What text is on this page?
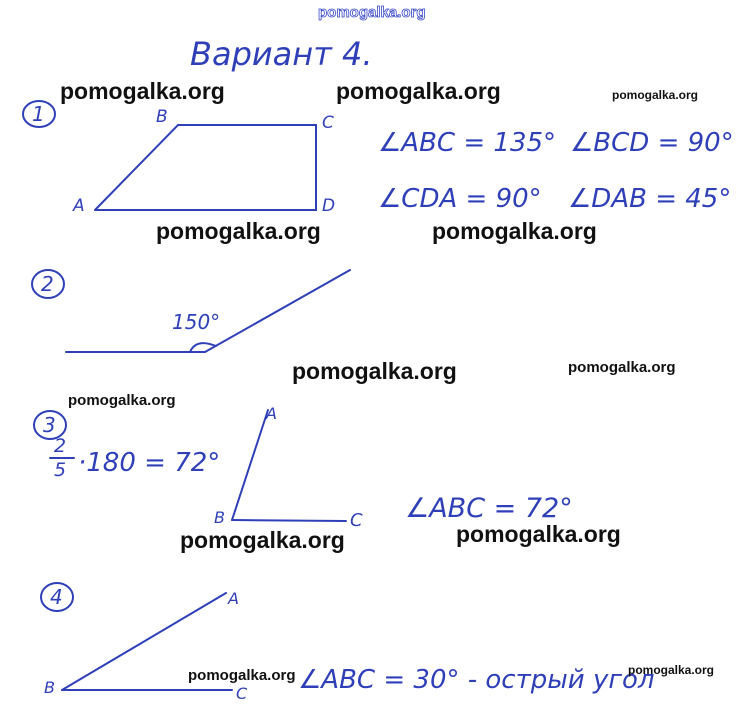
pomogalka.org
Вариант 4.
1
2
3
4
A
B	C
D
∠ABC = 135° ∠BCD = 90°
∠CDA = 90° ∠DAB = 45°
150°
2
5 ·180 = 72°
A
B	C ∠ABC = 72°
A
B	C ∠ABC = 30° - острый угол
pomogalka.org	pomogalka.org	pomogalka.org
pomogalka.org	pomogalka.org
pomogalka.org	pomogalka.org
pomogalka.org
pomogalka.org	pomogalka.org
pomogalka.org	pomogalka.org
